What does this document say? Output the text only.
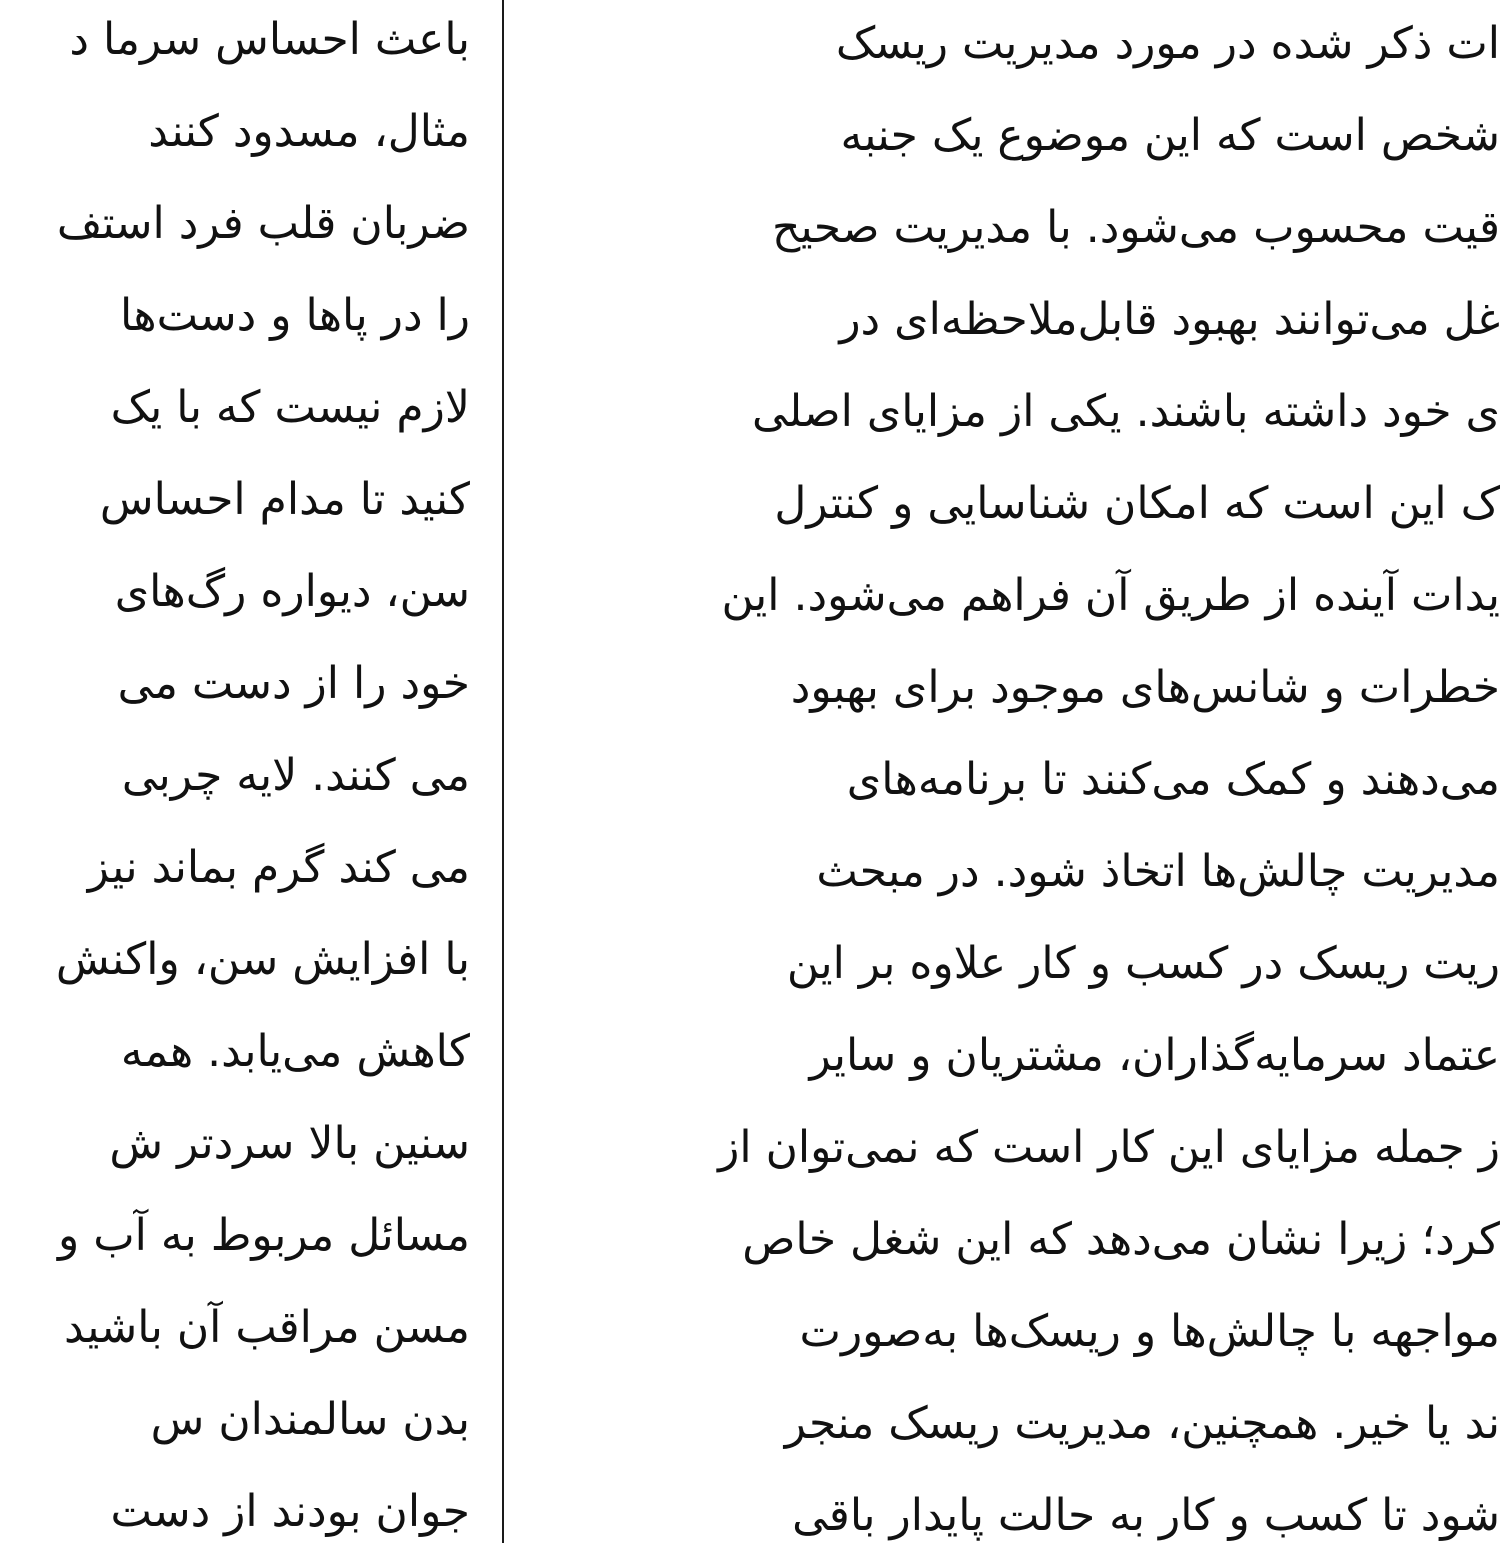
باعث احساس سرما د
مثال، مسدود کنند
ضربان قلب فرد استف
را در پاها و دست‌ها
لازم نیست که با یک
کنید تا مدام احساس
سن، دیواره رگ‌های
خود را از دست می
می کنند. لایه چربی
می کند گرم بماند نیز
با افزایش سن، واکنش
کاهش می‌یابد. همه
سنین بالا سردتر ش
مسائل مربوط به آب و
مسن مراقب آن باشید
بدن سالمندان س
جوان بودند از دست
ات ذکر شده در مورد مدیریت ریسک
شخص است که این موضوع یک جنبه
قیت محسوب می‌شود. با مدیریت صحیح
غل می‌توانند بهبود قابل‌ملاحظه‌ای در
ی خود داشته باشند. یکی از مزایای اصلی
ک این است که امکان شناسایی و کنترل
یدات آینده از طریق آن فراهم می‌شود. این
خطرات و شانس‌های موجود برای بهبود
می‌دهند و کمک می‌کنند تا برنامه‌های
مدیریت چالش‌ها اتخاذ شود. در مبحث
ریت ریسک در کسب و کار علاوه بر این
عتماد سرمایه‌گذاران، مشتریان و سایر
ز جمله مزایای این کار است که نمی‌توان از
کرد؛ زیرا نشان می‌دهد که این شغل خاص
مواجهه با چالش‌ها و ریسک‌ها به‌صورت
ند یا خیر. همچنین، مدیریت ریسک منجر
شود تا کسب و کار به حالت پایدار باقی
